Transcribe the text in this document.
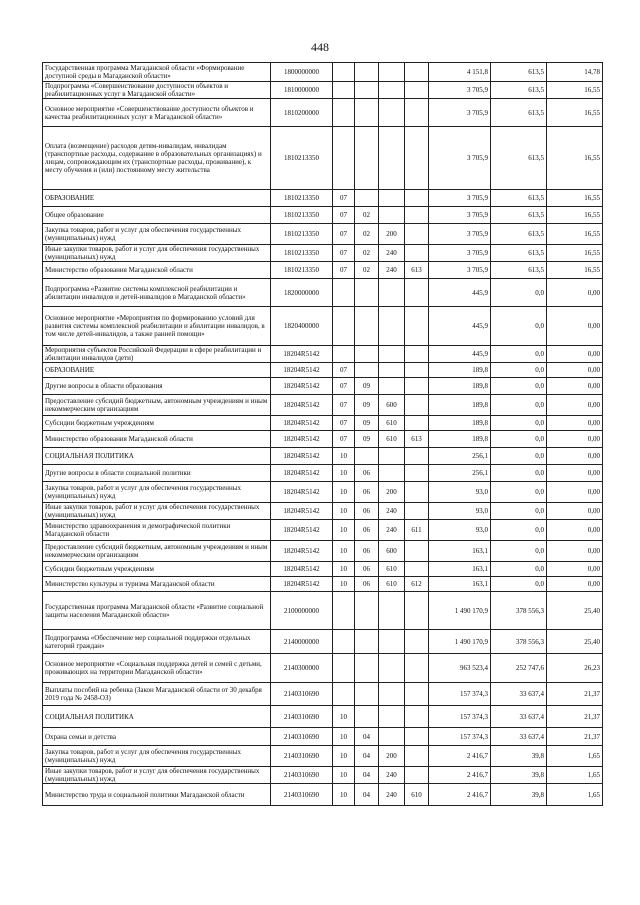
448
Государственная программа Магаданской области «Формирование доступной среды в Магаданской области»	1800000000					4 151,8	613,5	14,78
Подпрограмма «Совершенствование доступности объектов и реабилитационных услуг в Магаданской области»	1810000000					3 705,9	613,5	16,55
Основное мероприятие «Совершенствование доступности объектов и качества реабилитационных услуг в Магаданской области»	1810200000					3 705,9	613,5	16,55
Оплата (возмещение) расходов детям-инвалидам, инвалидам (транспортные расходы, содержание в образовательных организациях) и лицам, сопровождающим их (транспортные расходы, проживание), к месту обучения и (или) постоянному месту жительства	1810213350					3 705,9	613,5	16,55
ОБРАЗОВАНИЕ	1810213350	07				3 705,9	613,5	16,55
Общее образование	1810213350	07	02			3 705,9	613,5	16,55
Закупка товаров, работ и услуг для обеспечения государственных (муниципальных) нужд	1810213350	07	02	200		3 705,9	613,5	16,55
Иные закупки товаров, работ и услуг для обеспечения государственных (муниципальных) нужд	1810213350	07	02	240		3 705,9	613,5	16,55
Министерство образования Магаданской области	1810213350	07	02	240	613	3 705,9	613,5	16,55
Подпрограмма «Развитие системы комплексной реабилитации и абилитации инвалидов и детей-инвалидов в Магаданской области»	1820000000					445,9	0,0	0,00
Основное мероприятие «Мероприятия по формированию условий для развития системы комплексной реабилитации и абилитации инвалидов, в том числе детей-инвалидов, а также ранней помощи»	1820400000					445,9	0,0	0,00
Мероприятия субъектов Российской Федерации в сфере реабилитации и абилитации инвалидов (дети)	18204R5142					445,9	0,0	0,00
ОБРАЗОВАНИЕ	18204R5142	07				189,8	0,0	0,00
Другие вопросы в области образования	18204R5142	07	09			189,8	0,0	0,00
Предоставление субсидий бюджетным, автономным учреждениям и иным некоммерческим организациям	18204R5142	07	09	600		189,8	0,0	0,00
Субсидии бюджетным учреждениям	18204R5142	07	09	610		189,8	0,0	0,00
Министерство образования Магаданской области	18204R5142	07	09	610	613	189,8	0,0	0,00
СОЦИАЛЬНАЯ ПОЛИТИКА	18204R5142	10				256,1	0,0	0,00
Другие вопросы в области социальной политики	18204R5142	10	06			256,1	0,0	0,00
Закупка товаров, работ и услуг для обеспечения государственных (муниципальных) нужд	18204R5142	10	06	200		93,0	0,0	0,00
Иные закупки товаров, работ и услуг для обеспечения государственных (муниципальных) нужд	18204R5142	10	06	240		93,0	0,0	0,00
Министерство здравоохранения и демографической политики Магаданской области	18204R5142	10	06	240	611	93,0	0,0	0,00
Предоставление субсидий бюджетным, автономным учреждениям и иным некоммерческим организациям	18204R5142	10	06	600		163,1	0,0	0,00
Субсидии бюджетным учреждениям	18204R5142	10	06	610		163,1	0,0	0,00
Министерство культуры и туризма Магаданской области	18204R5142	10	06	610	612	163,1	0,0	0,00
Государственная программа Магаданской области «Развитие социальной защиты населения Магаданской области»	2100000000					1 490 170,9	378 556,3	25,40
Подпрограмма «Обеспечение мер социальной поддержки отдельных категорий граждан»	2140000000					1 490 170,9	378 556,3	25,40
Основное мероприятие «Социальная поддержка детей и семей с детьми, проживающих на территории Магаданской области»	2140300000					963 523,4	252 747,6	26,23
Выплаты пособий на ребенка (Закон Магаданской области от 30 декабря 2019 года № 2458-ОЗ)	2140310690					157 374,3	33 637,4	21,37
СОЦИАЛЬНАЯ ПОЛИТИКА	2140310690	10				157 374,3	33 637,4	21,37
Охрана семьи и детства	2140310690	10	04			157 374,3	33 637,4	21,37
Закупка товаров, работ и услуг для обеспечения государственных (муниципальных) нужд	2140310690	10	04	200		2 416,7	39,8	1,65
Иные закупки товаров, работ и услуг для обеспечения государственных (муниципальных) нужд	2140310690	10	04	240		2 416,7	39,8	1,65
Министерство труда и социальной политики Магаданской области	2140310690	10	04	240	610	2 416,7	39,8	1,65
